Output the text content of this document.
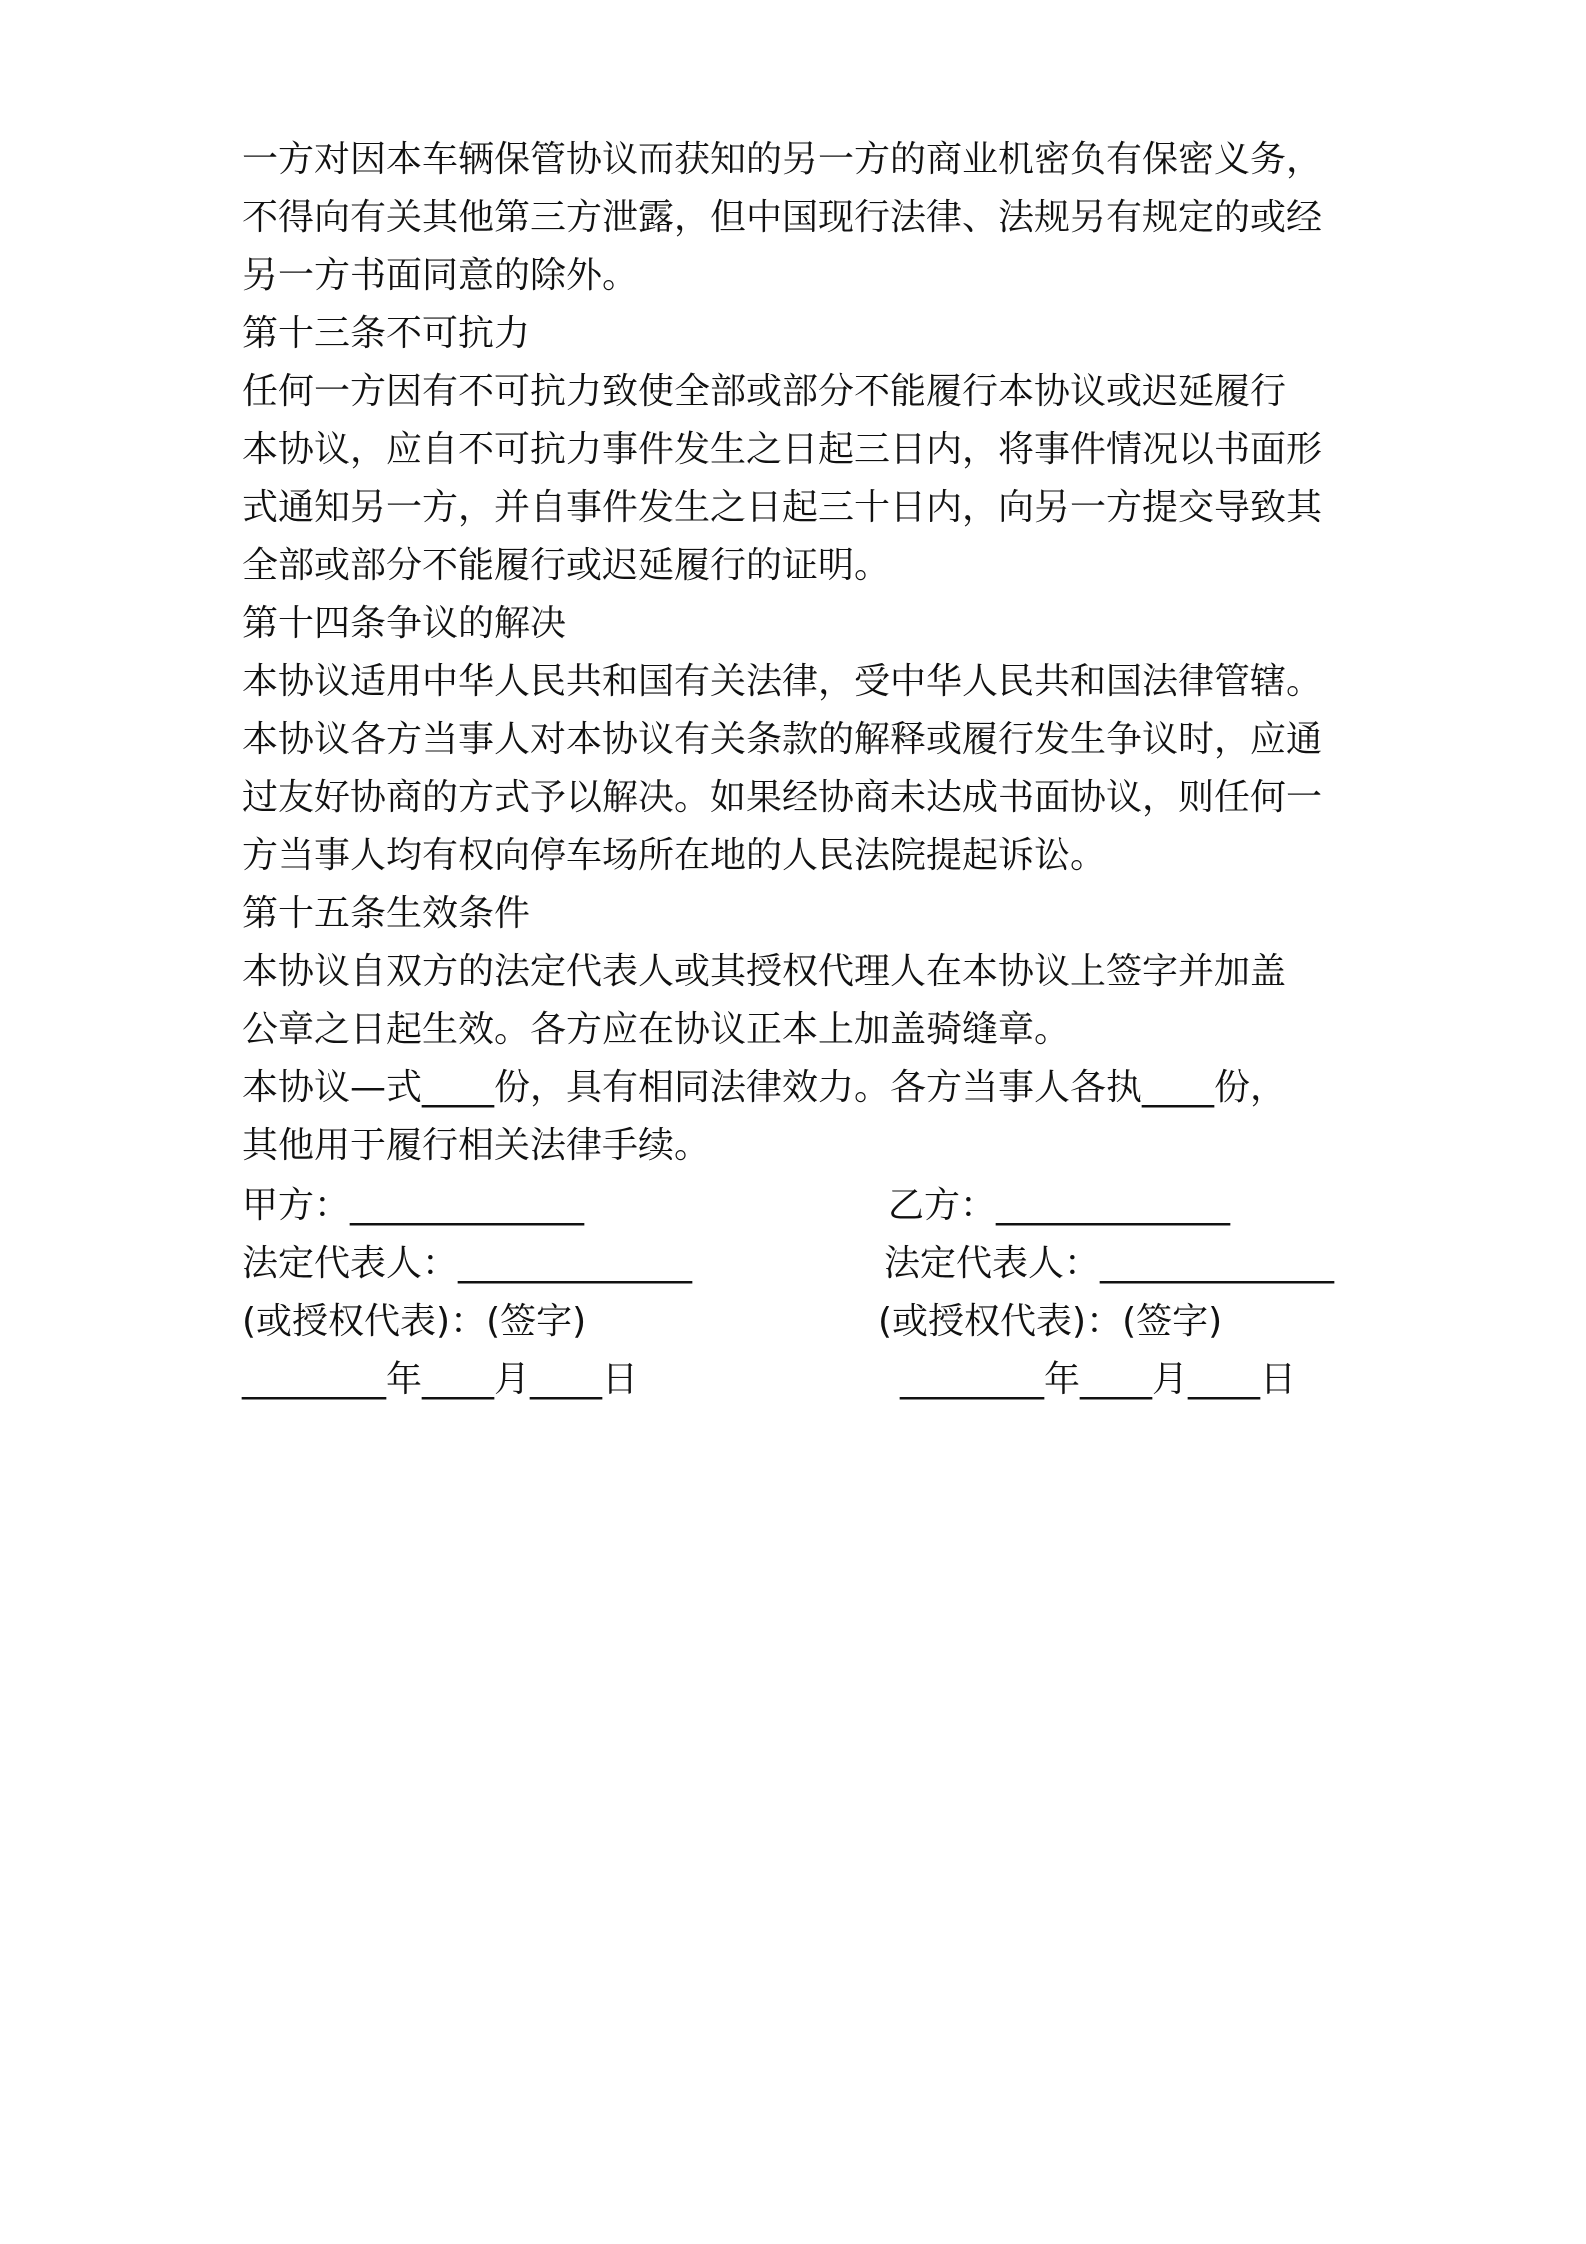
一方对因本车辆保管协议而获知的另一方的商业机密负有保密义务，
不得向有关其他第三方泄露，但中国现行法律、法规另有规定的或经
另一方书面同意的除外。
第十三条不可抗力
任何一方因有不可抗力致使全部或部分不能履行本协议或迟延履行
本协议，应自不可抗力事件发生之日起三日内，将事件情况以书面形
式通知另一方，并自事件发生之日起三十日内，向另一方提交导致其
全部或部分不能履行或迟延履行的证明。
第十四条争议的解决
本协议适用中华人民共和国有关法律，受中华人民共和国法律管辖。
本协议各方当事人对本协议有关条款的解释或履行发生争议时，应通
过友好协商的方式予以解决。如果经协商未达成书面协议，则任何一
方当事人均有权向停车场所在地的人民法院提起诉讼。
第十五条生效条件
本协议自双方的法定代表人或其授权代理人在本协议上签字并加盖
公章之日起生效。各方应在协议正本上加盖骑缝章。
本协议—式____份，具有相同法律效力。各方当事人各执____份，
其他用于履行相关法律手续。
甲方：_____________
法定代表人：_____________
(或授权代表)：(签字)
________年____月____日
乙方：_____________
法定代表人：_____________
(或授权代表)：(签字)
________年____月____日
